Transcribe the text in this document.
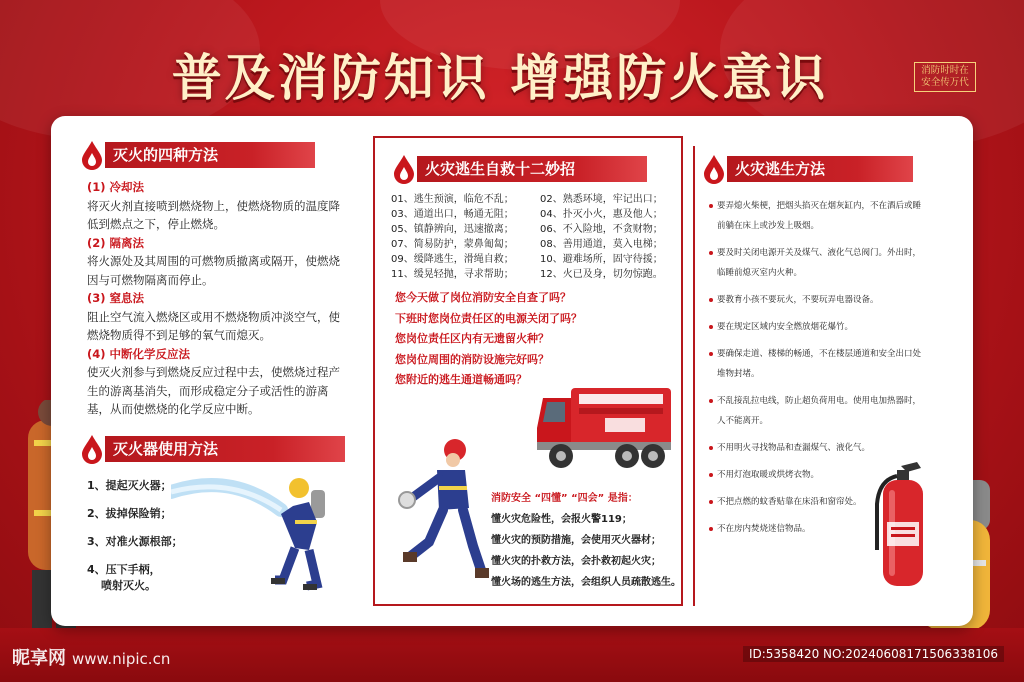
普及消防知识 增强防火意识	消防时时在
安全传万代
灭火的四种方法
(1) 冷却法
将灭火剂直接喷到燃烧物上，使燃烧物质的温度降低到燃点之下，停止燃烧。
(2) 隔离法
将火源处及其周围的可燃物质撤离或隔开，使燃烧因与可燃物隔离而停止。
(3) 窒息法
阻止空气流入燃烧区或用不燃烧物质冲淡空气，使燃烧物质得不到足够的氧气而熄灭。
(4) 中断化学反应法
使灭火剂参与到燃烧反应过程中去，使燃烧过程产生的游离基消失，而形成稳定分子或活性的游离基，从而使燃烧的化学反应中断。
灭火器使用方法
1、提起灭火器；
2、拔掉保险销；
3、对准火源根部；
4、压下手柄，
喷射灭火。
火灾逃生自救十二妙招
01、逃生预演，临危不乱；
03、通道出口，畅通无阻；
05、镇静辨向，迅速撤离；
07、简易防护，蒙鼻匍匐；
09、缓降逃生，滑绳自救；
11、缓晃轻抛，寻求帮助；
02、熟悉环境，牢记出口；
04、扑灭小火，惠及他人；
06、不入险地，不贪财物；
08、善用通道，莫入电梯；
10、避难场所，固守待援；
12、火已及身，切勿惊跑。
您今天做了岗位消防安全自查了吗？
下班时您岗位责任区的电源关闭了吗？
您岗位责任区内有无遗留火种？
您岗位周围的消防设施完好吗？
您附近的逃生通道畅通吗？
消防安全 “四懂” “四会” 是指：
懂火灾危险性，会报火警119；
懂火灾的预防措施，会使用灭火器材；
懂火灾的扑救方法，会扑救初起火灾；
懂火场的逃生方法，会组织人员疏散逃生。
火灾逃生方法
要弄熄火柴梗，把烟头掐灭在烟灰缸内，不在酒后或睡前躺在床上或沙发上吸烟。
要及时关闭电源开关及煤气、液化气总阀门。外出时，临睡前熄灭室内火种。
要教育小孩不要玩火，不要玩弄电器设备。
要在规定区域内安全燃放烟花爆竹。
要确保走道、楼梯的畅通，不在楼层通道和安全出口处堆物封堵。
不乱接乱拉电线，防止超负荷用电。使用电加热器时，人不能离开。
不用明火寻找物品和查漏煤气、液化气。
不用灯泡取暖或烘烤衣物。
不把点燃的蚊香贴靠在床沿和窗帘处。
不在房内焚烧迷信物品。
昵享网 www.nipic.cn	ID:5358420 NO:20240608171506338106
